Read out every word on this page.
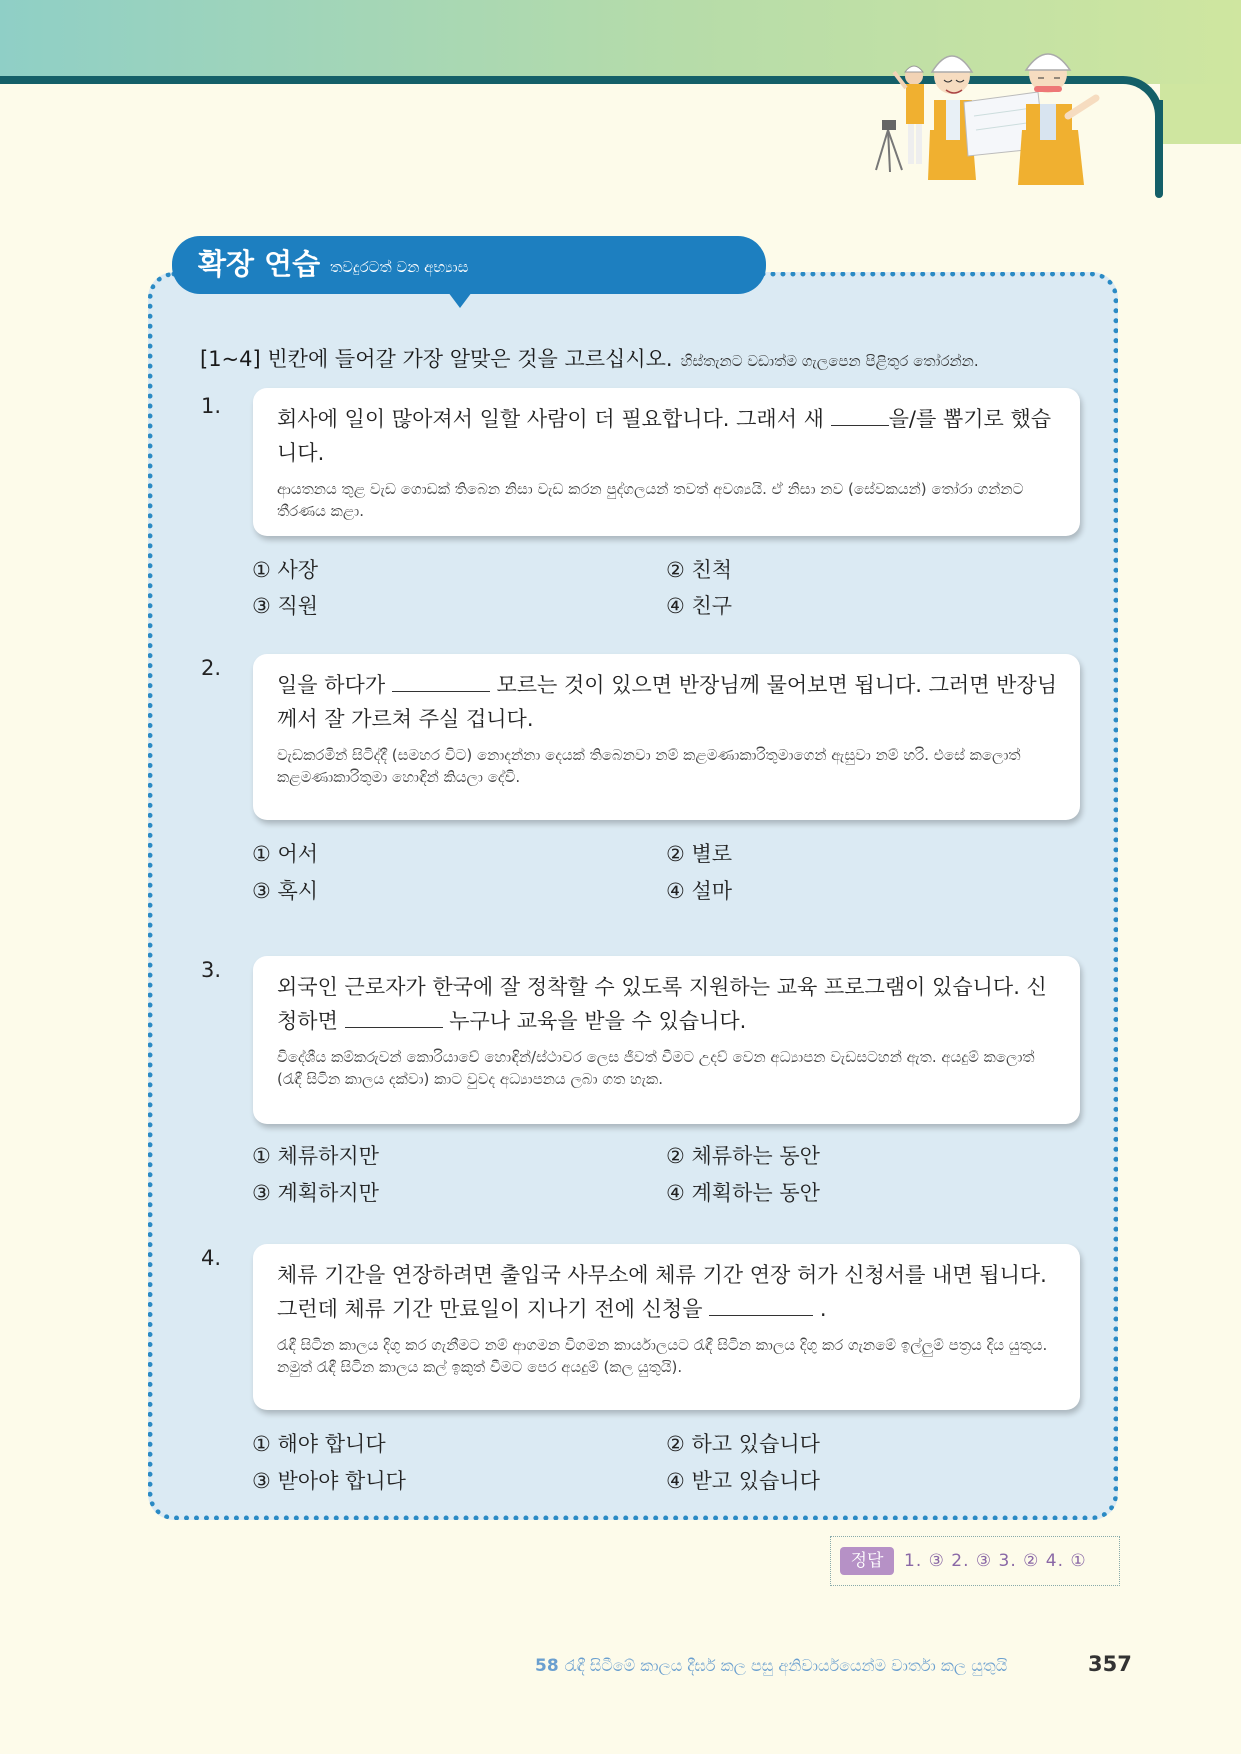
확장 연습 තවදුරටත් වන අභ්‍යාස
[1~4] 빈칸에 들어갈 가장 알맞은 것을 고르십시오. හිස්තැනට වඩාත්ම ගැලපෙන පිළිතුර තෝරන්න.
1.
회사에 일이 많아져서 일할 사람이 더 필요합니다. 그래서 새	을/를 뽑기로 했습니다.
ආයතනය තුළ වැඩ ගොඩක් තිබෙන නිසා වැඩ කරන පුද්ගලයන් තවත් අවශ්‍යයි. ඒ නිසා නව (සේවකයන්) තෝරා ගන්නට තීරණය කළා.
① 사장	② 친척
③ 직원	④ 친구
2.
일을 하다가	모르는 것이 있으면 반장님께 물어보면 됩니다. 그러면 반장님께서 잘 가르쳐 주실 겁니다.
වැඩකරමින් සිටිද්දී (සමහර විට) නොදන්නා දෙයක් තිබෙනවා නම් කළමණාකාරිතුමාගෙන් ඇසුවා නම් හරි. එසේ කලොත් කළමණාකාරිතුමා හොඳින් කියලා දේවි.
① 어서	② 별로
③ 혹시	④ 설마
3.
외국인 근로자가 한국에 잘 정착할 수 있도록 지원하는 교육 프로그램이 있습니다. 신청하면	누구나 교육을 받을 수 있습니다.
විදේශීය කම්කරුවන් කොරියාවේ හොඳින්/ස්ථාවර ලෙස ජීවත් වීමට උදව් වෙන අධ්‍යාපන වැඩසටහන් ඇත. අයදුම් කලොත් (රැඳී සිටින කාලය දක්වා) කාට වුවද අධ්‍යාපනය ලබා ගත හැක.
① 체류하지만	② 체류하는 동안
③ 계획하지만	④ 계획하는 동안
4.
체류 기간을 연장하려면 출입국 사무소에 체류 기간 연장 허가 신청서를 내면 됩니다. 그런데 체류 기간 만료일이 지나기 전에 신청을	.
රැඳී සිටින කාලය දිගු කර ගැනීමට නම් ආගමන විගමන කාර්යාලයට රැඳී සිටින කාලය දිගු කර ගැනමේ ඉල්ලුම් පත්‍රය දිය යුතුය. නමුත් රැඳී සිටින කාලය කල් ඉකුත් වීමට පෙර අයදුම් (කල යුතුයි).
① 해야 합니다	② 하고 있습니다
③ 받아야 합니다	④ 받고 있습니다
정답	1. ③ 2. ③ 3. ② 4. ①
58 රැඳී සිටීමේ කාලය දීර්ඝ කල පසු අනිවාර්යයෙන්ම වාර්තා කල යුතුයි	357
